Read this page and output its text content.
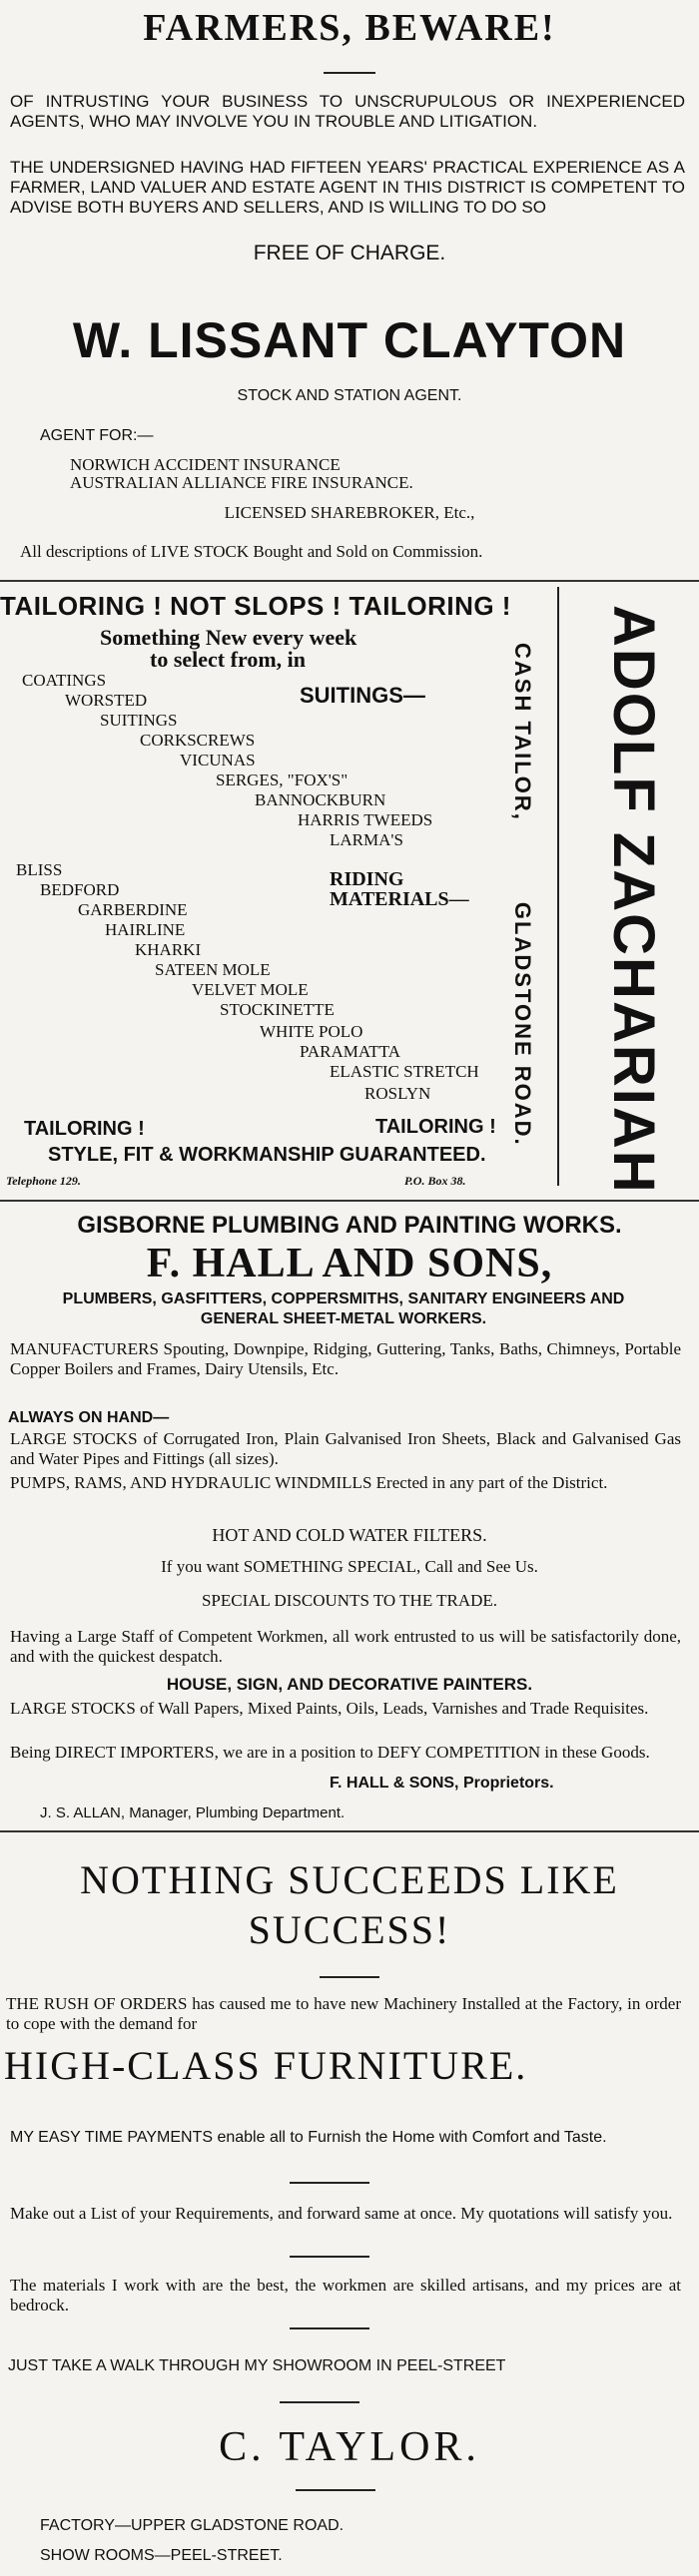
FARMERS, BEWARE!
OF INTRUSTING YOUR BUSINESS TO UNSCRUPULOUS OR INEXPERIENCED AGENTS, WHO MAY INVOLVE YOU IN TROUBLE AND LITIGATION.
THE UNDERSIGNED HAVING HAD FIFTEEN YEARS' PRACTICAL EXPERIENCE AS A FARMER, LAND VALUER AND ESTATE AGENT IN THIS DISTRICT IS COMPETENT TO ADVISE BOTH BUYERS AND SELLERS, AND IS WILLING TO DO SO
FREE OF CHARGE.
W. LISSANT CLAYTON
STOCK AND STATION AGENT.
AGENT FOR:—
NORWICH ACCIDENT INSURANCE
AUSTRALIAN ALLIANCE FIRE INSURANCE.
LICENSED SHAREBROKER, Etc.,
All descriptions of LIVE STOCK Bought and Sold on Commission.
TAILORING ! NOT SLOPS ! TAILORING !
Something New every week
to select from, in
SUITINGS—
COATINGS
WORSTED
SUITINGS
CORKSCREWS
VICUNAS
SERGES, "FOX'S"
BANNOCKBURN
HARRIS TWEEDS
LARMA'S
RIDING
MATERIALS—
BLISS
BEDFORD
GARBERDINE
HAIRLINE
KHARKI
SATEEN MOLE
VELVET MOLE
STOCKINETTE
WHITE POLO
PARAMATTA
ELASTIC STRETCH
ROSLYN
TAILORING !	TAILORING !
STYLE, FIT & WORKMANSHIP GUARANTEED.
Telephone 129.	P.O. Box 38. ADOLF ZACHARIAH
CASH TAILOR,          GLADSTONE ROAD.
GISBORNE PLUMBING AND PAINTING WORKS.
F. HALL AND SONS,
PLUMBERS, GASFITTERS, COPPERSMITHS, SANITARY ENGINEERS AND GENERAL SHEET-METAL WORKERS.
MANUFACTURERS Spouting, Downpipe, Ridging, Guttering, Tanks, Baths, Chimneys, Portable Copper Boilers and Frames, Dairy Utensils, Etc.
ALWAYS ON HAND—
LARGE STOCKS of Corrugated Iron, Plain Galvanised Iron Sheets, Black and Galvanised Gas and Water Pipes and Fittings (all sizes).
PUMPS, RAMS, AND HYDRAULIC WINDMILLS Erected in any part of the District.
HOT AND COLD WATER FILTERS.
If you want SOMETHING SPECIAL, Call and See Us.
SPECIAL DISCOUNTS TO THE TRADE.
Having a Large Staff of Competent Workmen, all work entrusted to us will be satisfactorily done, and with the quickest despatch.
HOUSE, SIGN, AND DECORATIVE PAINTERS.
LARGE STOCKS of Wall Papers, Mixed Paints, Oils, Leads, Varnishes and Trade Requisites.
Being DIRECT IMPORTERS, we are in a position to DEFY COMPETITION in these Goods.
F. HALL & SONS, Proprietors.
J. S. ALLAN, Manager, Plumbing Department.
NOTHING SUCCEEDS LIKE
SUCCESS!
THE RUSH OF ORDERS has caused me to have new Machinery Installed at the Factory, in order to cope with the demand for
HIGH-CLASS FURNITURE.
MY EASY TIME PAYMENTS enable all to Furnish the Home with Comfort and Taste.
Make out a List of your Requirements, and forward same at once. My quotations will satisfy you.
The materials I work with are the best, the workmen are skilled artisans, and my prices are at bedrock.
JUST TAKE A WALK THROUGH MY SHOWROOM IN PEEL-STREET
C. TAYLOR.
FACTORY—UPPER GLADSTONE ROAD.
SHOW ROOMS—PEEL-STREET.
